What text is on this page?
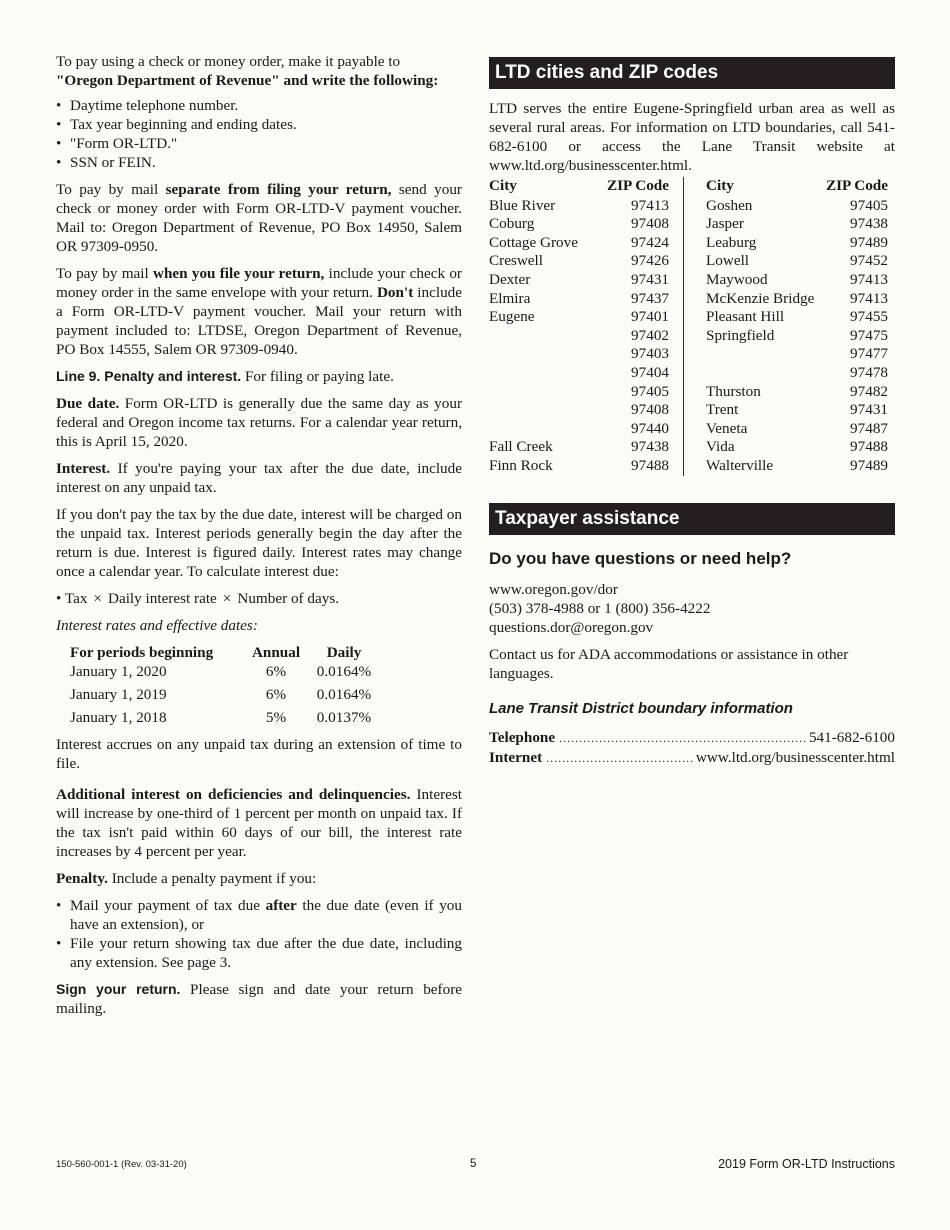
To pay using a check or money order, make it payable to
"Oregon Department of Revenue" and write the following:

• Daytime telephone number.
• Tax year beginning and ending dates.
• "Form OR-LTD."
• SSN or FEIN.

To pay by mail separate from filing your return, send your check or money order with Form OR-LTD-V payment voucher. Mail to: Oregon Department of Revenue, PO Box 14950, Salem OR 97309-0950.

To pay by mail when you file your return, include your check or money order in the same envelope with your return. Don't include a Form OR-LTD-V payment voucher. Mail your return with payment included to: LTDSE, Oregon Department of Revenue, PO Box 14555, Salem OR 97309-0940.

Line 9. Penalty and interest. For filing or paying late.

Due date. Form OR-LTD is generally due the same day as your federal and Oregon income tax returns. For a calendar year return, this is April 15, 2020.

Interest. If you're paying your tax after the due date, include interest on any unpaid tax.

If you don't pay the tax by the due date, interest will be charged on the unpaid tax. Interest periods generally begin the day after the return is due. Interest is figured daily. Interest rates may change once a calendar year. To calculate interest due:

• Tax × Daily interest rate × Number of days.
Interest rates and effective dates:
For periods beginning	Annual	Daily
January 1, 2020	6%	0.0164%
January 1, 2019	6%	0.0164%
January 1, 2018	5%	0.0137%

Interest accrues on any unpaid tax during an extension of time to file.

Additional interest on deficiencies and delinquencies. Interest will increase by one-third of 1 percent per month on unpaid tax. If the tax isn't paid within 60 days of our bill, the interest rate increases by 4 percent per year.

Penalty. Include a penalty payment if you:

• Mail your payment of tax due after the due date (even if you have an extension), or
• File your return showing tax due after the due date, including any extension. See page 3.

Sign your return. Please sign and date your return before mailing.

LTD cities and ZIP codes

LTD serves the entire Eugene-Springfield urban area as well as several rural areas. For information on LTD boundaries, call 541-682-6100 or access the Lane Transit website at www.ltd.org/businesscenter.html.

City	ZIP Code
Blue River	97413
Coburg	97408
Cottage Grove	97424
Creswell	97426
Dexter	97431
Elmira	97437
Eugene	97401
97402
97403
97404
97405
97408
97440
Fall Creek	97438
Finn Rock	97488
City	ZIP Code
Goshen	97405
Jasper	97438
Leaburg	97489
Lowell	97452
Maywood	97413
McKenzie Bridge 97413
Pleasant Hill	97455
Springfield	97475
97477
97478
Thurston	97482
Trent	97431
Veneta	97487
Vida	97488
Walterville	97489
Taxpayer assistance
Do you have questions or need help?
www.oregon.gov/dor
(503) 378-4988 or 1 (800) 356-4222
questions.dor@oregon.gov

Contact us for ADA accommodations or assistance in other languages.

Lane Transit District boundary information
Telephone .....	541-682-6100
Internet .....	www.ltd.org/businesscenter.html
150-560-001-1 (Rev. 03-31-20)	5	2019 Form OR-LTD Instructions
